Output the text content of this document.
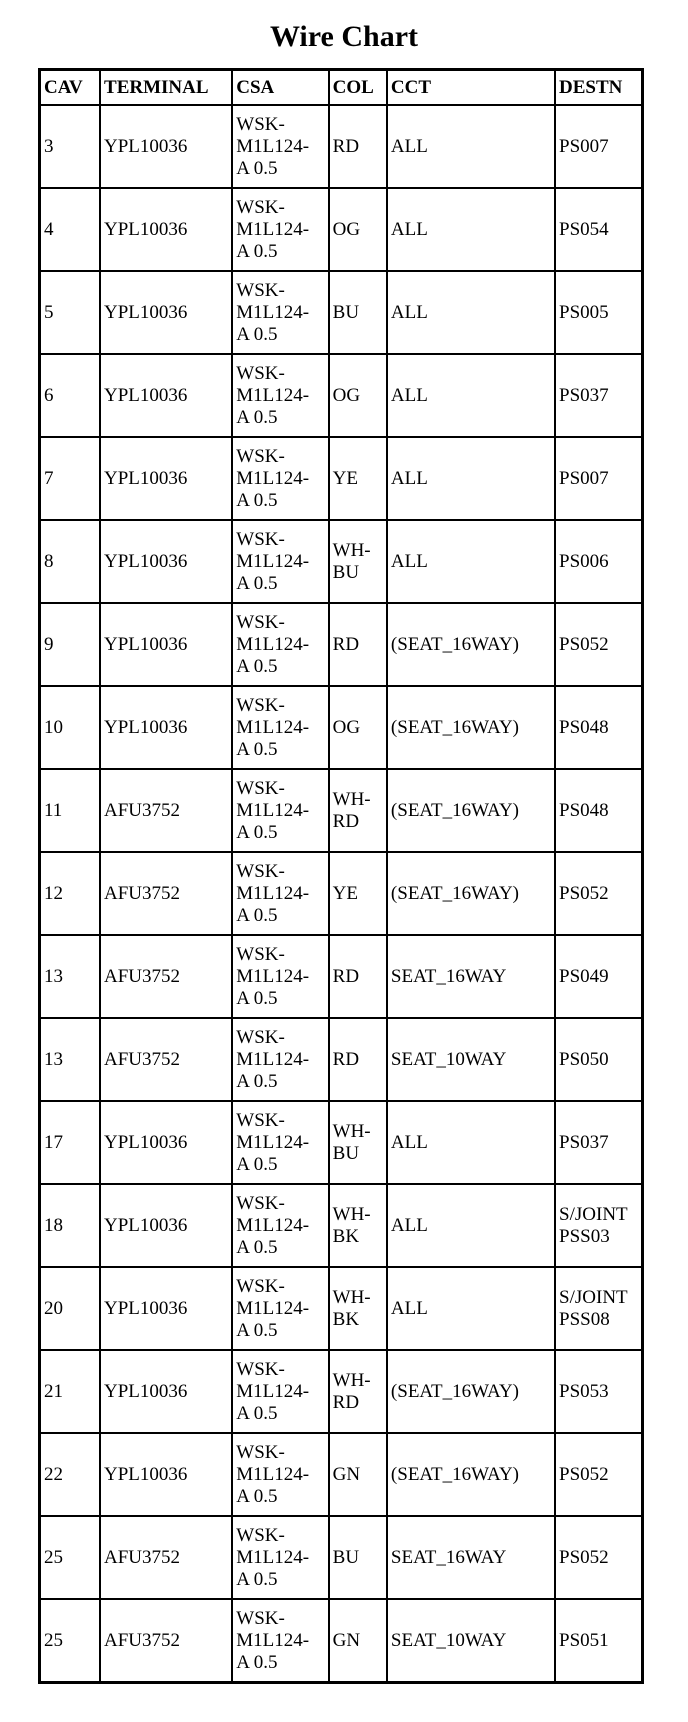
Wire Chart
CAV	TERMINAL	CSA	COL	CCT	DESTN
3	YPL10036	WSK-
M1L124-
A 0.5	RD	ALL	PS007
4	YPL10036	WSK-
M1L124-
A 0.5	OG	ALL	PS054
5	YPL10036	WSK-
M1L124-
A 0.5	BU	ALL	PS005
6	YPL10036	WSK-
M1L124-
A 0.5	OG	ALL	PS037
7	YPL10036	WSK-
M1L124-
A 0.5	YE	ALL	PS007
8	YPL10036	WSK-
M1L124-
A 0.5	WH-
BU	ALL	PS006
9	YPL10036	WSK-
M1L124-
A 0.5	RD	(SEAT_16WAY)	PS052
10	YPL10036	WSK-
M1L124-
A 0.5	OG	(SEAT_16WAY)	PS048
11	AFU3752	WSK-
M1L124-
A 0.5	WH-
RD	(SEAT_16WAY)	PS048
12	AFU3752	WSK-
M1L124-
A 0.5	YE	(SEAT_16WAY)	PS052
13	AFU3752	WSK-
M1L124-
A 0.5	RD	SEAT_16WAY	PS049
13	AFU3752	WSK-
M1L124-
A 0.5	RD	SEAT_10WAY	PS050
17	YPL10036	WSK-
M1L124-
A 0.5	WH-
BU	ALL	PS037
18	YPL10036	WSK-
M1L124-
A 0.5	WH-
BK	ALL	S/JOINT
PSS03
20	YPL10036	WSK-
M1L124-
A 0.5	WH-
BK	ALL	S/JOINT
PSS08
21	YPL10036	WSK-
M1L124-
A 0.5	WH-
RD	(SEAT_16WAY)	PS053
22	YPL10036	WSK-
M1L124-
A 0.5	GN	(SEAT_16WAY)	PS052
25	AFU3752	WSK-
M1L124-
A 0.5	BU	SEAT_16WAY	PS052
25	AFU3752	WSK-
M1L124-
A 0.5	GN	SEAT_10WAY	PS051
